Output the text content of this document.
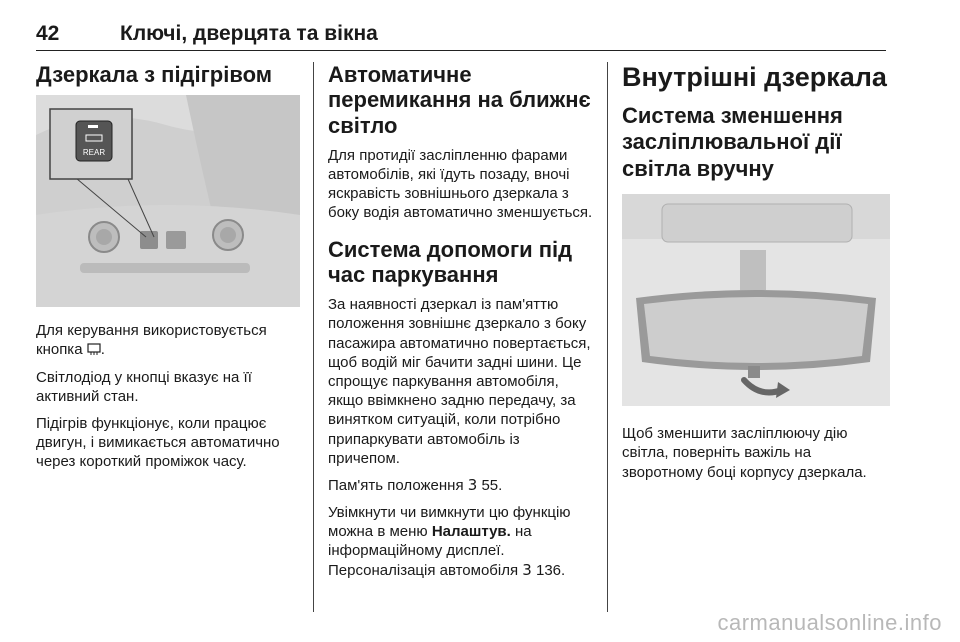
42	Ключі, дверцята та вікна
Дзеркала з підігрівом
REAR

Для керування використовується кнопка .

Світлодіод у кнопці вказує на її активний стан.

Підігрів функціонує, коли працює двигун, і вимикається автоматично через короткий проміжок часу.

Автоматичне перемикання на ближнє світло

Для протидії засліпленню фарами автомобілів, які їдуть позаду, вночі яскравість зовнішнього дзеркала з боку водія автоматично зменшується.

Система допомоги під час паркування

За наявності дзеркал із пам'яттю положення зовнішнє дзеркало з боку пасажира автоматично повертається, щоб водій міг бачити задні шини. Це спрощує паркування автомобіля, якщо ввімкнено задню передачу, за винятком ситуацій, коли потрібно припаркувати автомобіль із причепом.

Пам'ять положення 3 55.

Увімкнути чи вимкнути цю функцію можна в меню Налаштув. на інформаційному дисплеї. Персоналізація автомобіля 3 136.

Внутрішні дзеркала
Система зменшення засліплювальної дії світла вручну

Щоб зменшити засліплюючу дію світла, поверніть важіль на зворотному боці корпусу дзеркала.

carmanualsonline.info
